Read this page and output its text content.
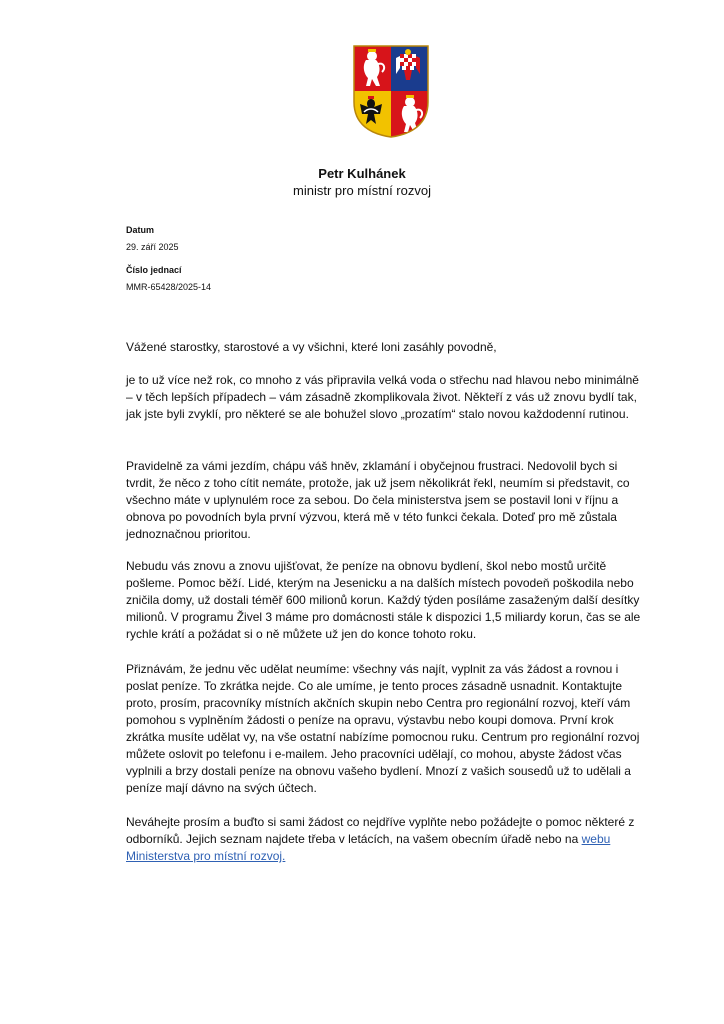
Petr Kulhánek
ministr pro místní rozvoj
Datum
29. září 2025
Číslo jednací
MMR-65428/2025-14

Vážené starostky, starostové a vy všichni, které loni zasáhly povodně,

je to už více než rok, co mnoho z vás připravila velká voda o střechu nad hlavou nebo minimálně – v těch lepších případech – vám zásadně zkomplikovala život. Někteří z vás už znovu bydlí tak, jak jste byli zvyklí, pro některé se ale bohužel slovo „prozatím“ stalo novou každodenní rutinou.

Pravidelně za vámi jezdím, chápu váš hněv, zklamání i obyčejnou frustraci. Nedovolil bych si tvrdit, že něco z toho cítit nemáte, protože, jak už jsem několikrát řekl, neumím si představit, co všechno máte v uplynulém roce za sebou. Do čela ministerstva jsem se postavil loni v říjnu a obnova po povodních byla první výzvou, která mě v této funkci čekala. Doteď pro mě zůstala jednoznačnou prioritou.

Nebudu vás znovu a znovu ujišťovat, že peníze na obnovu bydlení, škol nebo mostů určitě pošleme. Pomoc běží. Lidé, kterým na Jesenicku a na dalších místech povodeň poškodila nebo zničila domy, už dostali téměř 600 milionů korun. Každý týden posíláme zasaženým další desítky milionů. V programu Živel 3 máme pro domácnosti stále k dispozici 1,5 miliardy korun, čas se ale rychle krátí a požádat si o ně můžete už jen do konce tohoto roku.

Přiznávám, že jednu věc udělat neumíme: všechny vás najít, vyplnit za vás žádost a rovnou i poslat peníze. To zkrátka nejde. Co ale umíme, je tento proces zásadně usnadnit. Kontaktujte proto, prosím, pracovníky místních akčních skupin nebo Centra pro regionální rozvoj, kteří vám pomohou s vyplněním žádosti o peníze na opravu, výstavbu nebo koupi domova. První krok zkrátka musíte udělat vy, na vše ostatní nabízíme pomocnou ruku. Centrum pro regionální rozvoj můžete oslovit po telefonu i e-mailem. Jeho pracovníci udělají, co mohou, abyste žádost včas vyplnili a brzy dostali peníze na obnovu vašeho bydlení. Mnozí z vašich sousedů už to udělali a peníze mají dávno na svých účtech.

Neváhejte prosím a buďto si sami žádost co nejdříve vyplňte nebo požádejte o pomoc některé z odborníků. Jejich seznam najdete třeba v letácích, na vašem obecním úřadě nebo na webu Ministerstva pro místní rozvoj.
